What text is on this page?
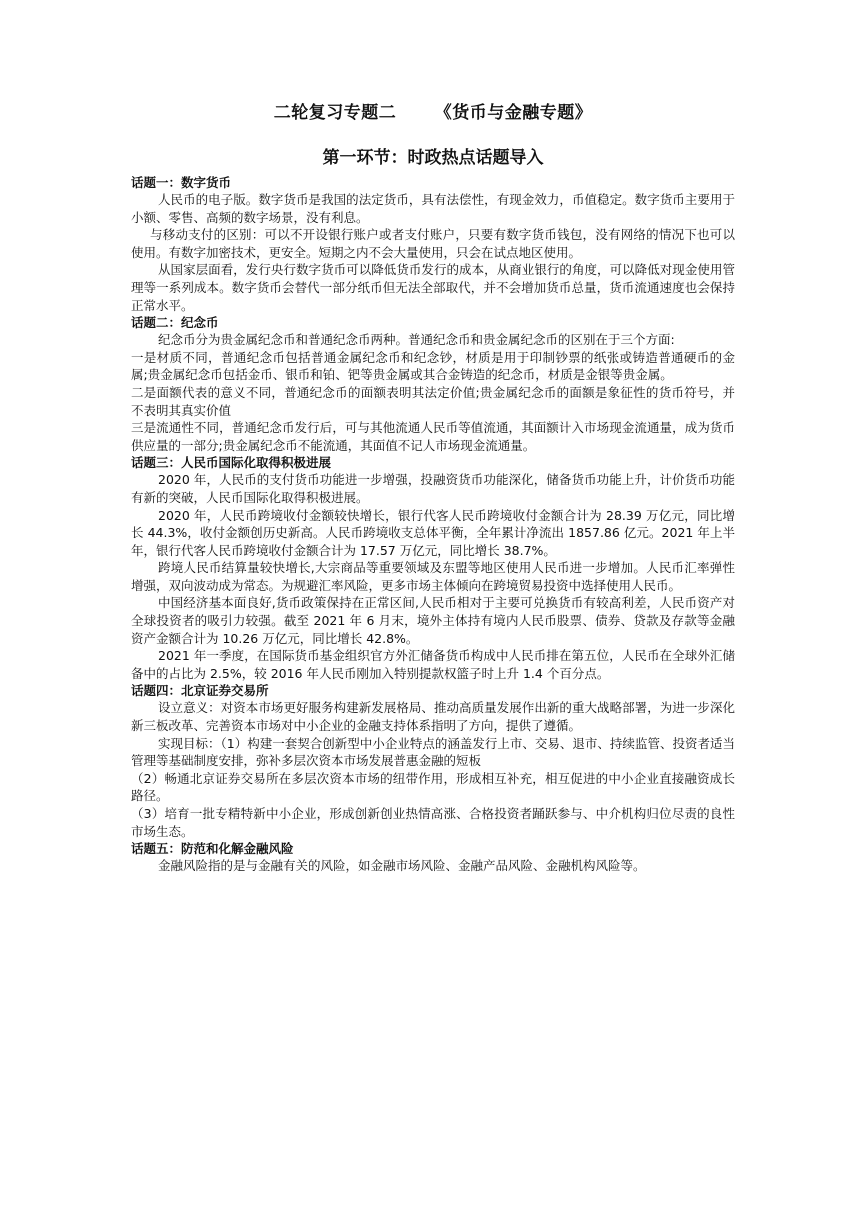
二轮复习专题二      《货币与金融专题》
第一环节：时政热点话题导入

话题一：数字货币

人民币的电子版。数字货币是我国的法定货币，具有法偿性，有现金效力，币值稳定。数字货币主要用于小额、零售、高频的数字场景，没有利息。

与移动支付的区别：可以不开设银行账户或者支付账户，只要有数字货币钱包，没有网络的情况下也可以使用。有数字加密技术，更安全。短期之内不会大量使用，只会在试点地区使用。

从国家层面看，发行央行数字货币可以降低货币发行的成本，从商业银行的角度，可以降低对现金使用管理等一系列成本。数字货币会替代一部分纸币但无法全部取代，并不会增加货币总量，货币流通速度也会保持正常水平。

话题二：纪念币

纪念币分为贵金属纪念币和普通纪念币两种。普通纪念币和贵金属纪念币的区别在于三个方面:

一是材质不同，普通纪念币包括普通金属纪念币和纪念钞，材质是用于印制钞票的纸张或铸造普通硬币的金属;贵金属纪念币包括金币、银币和铂、钯等贵金属或其合金铸造的纪念币，材质是金银等贵金属。

二是面额代表的意义不同，普通纪念币的面额表明其法定价值;贵金属纪念币的面额是象征性的货币符号，并不表明其真实价值

三是流通性不同，普通纪念币发行后，可与其他流通人民币等值流通，其面额计入市场现金流通量，成为货币供应量的一部分;贵金属纪念币不能流通，其面值不记人市场现金流通量。

话题三：人民币国际化取得积极进展

2020 年，人民币的支付货币功能进一步增强，投融资货币功能深化，储备货币功能上升，计价货币功能有新的突破，人民币国际化取得积极进展。

2020 年，人民币跨境收付金额较快增长，银行代客人民币跨境收付金额合计为 28.39 万亿元，同比增长 44.3%，收付金额创历史新高。人民币跨境收支总体平衡，全年累计净流出 1857.86 亿元。2021 年上半年，银行代客人民币跨境收付金额合计为 17.57 万亿元，同比增长 38.7%。

跨境人民币结算量较快增长,大宗商品等重要领域及东盟等地区使用人民币进一步增加。人民币汇率弹性增强，双向波动成为常态。为规避汇率风险，更多市场主体倾向在跨境贸易投资中选择使用人民币。

中国经济基本面良好,货币政策保持在正常区间,人民币相对于主要可兑换货币有较高利差，人民币资产对全球投资者的吸引力较强。截至 2021 年 6 月末，境外主体持有境内人民币股票、债券、贷款及存款等金融资产金额合计为 10.26 万亿元，同比增长 42.8%。

2021 年一季度，在国际货币基金组织官方外汇储备货币构成中人民币排在第五位，人民币在全球外汇储备中的占比为 2.5%，较 2016 年人民币刚加入特别提款权篮子时上升 1.4 个百分点。

话题四：北京证券交易所

设立意义：对资本市场更好服务构建新发展格局、推动高质量发展作出新的重大战略部署，为进一步深化新三板改革、完善资本市场对中小企业的金融支持体系指明了方向，提供了遵循。

实现目标：（1）构建一套契合创新型中小企业特点的涵盖发行上市、交易、退市、持续监管、投资者适当管理等基础制度安排，弥补多层次资本市场发展普惠金融的短板

（2）畅通北京证券交易所在多层次资本市场的纽带作用，形成相互补充，相互促进的中小企业直接融资成长路径。

（3）培育一批专精特新中小企业，形成创新创业热情高涨、合格投资者踊跃参与、中介机构归位尽责的良性市场生态。

话题五：防范和化解金融风险

金融风险指的是与金融有关的风险，如金融市场风险、金融产品风险、金融机构风险等。
